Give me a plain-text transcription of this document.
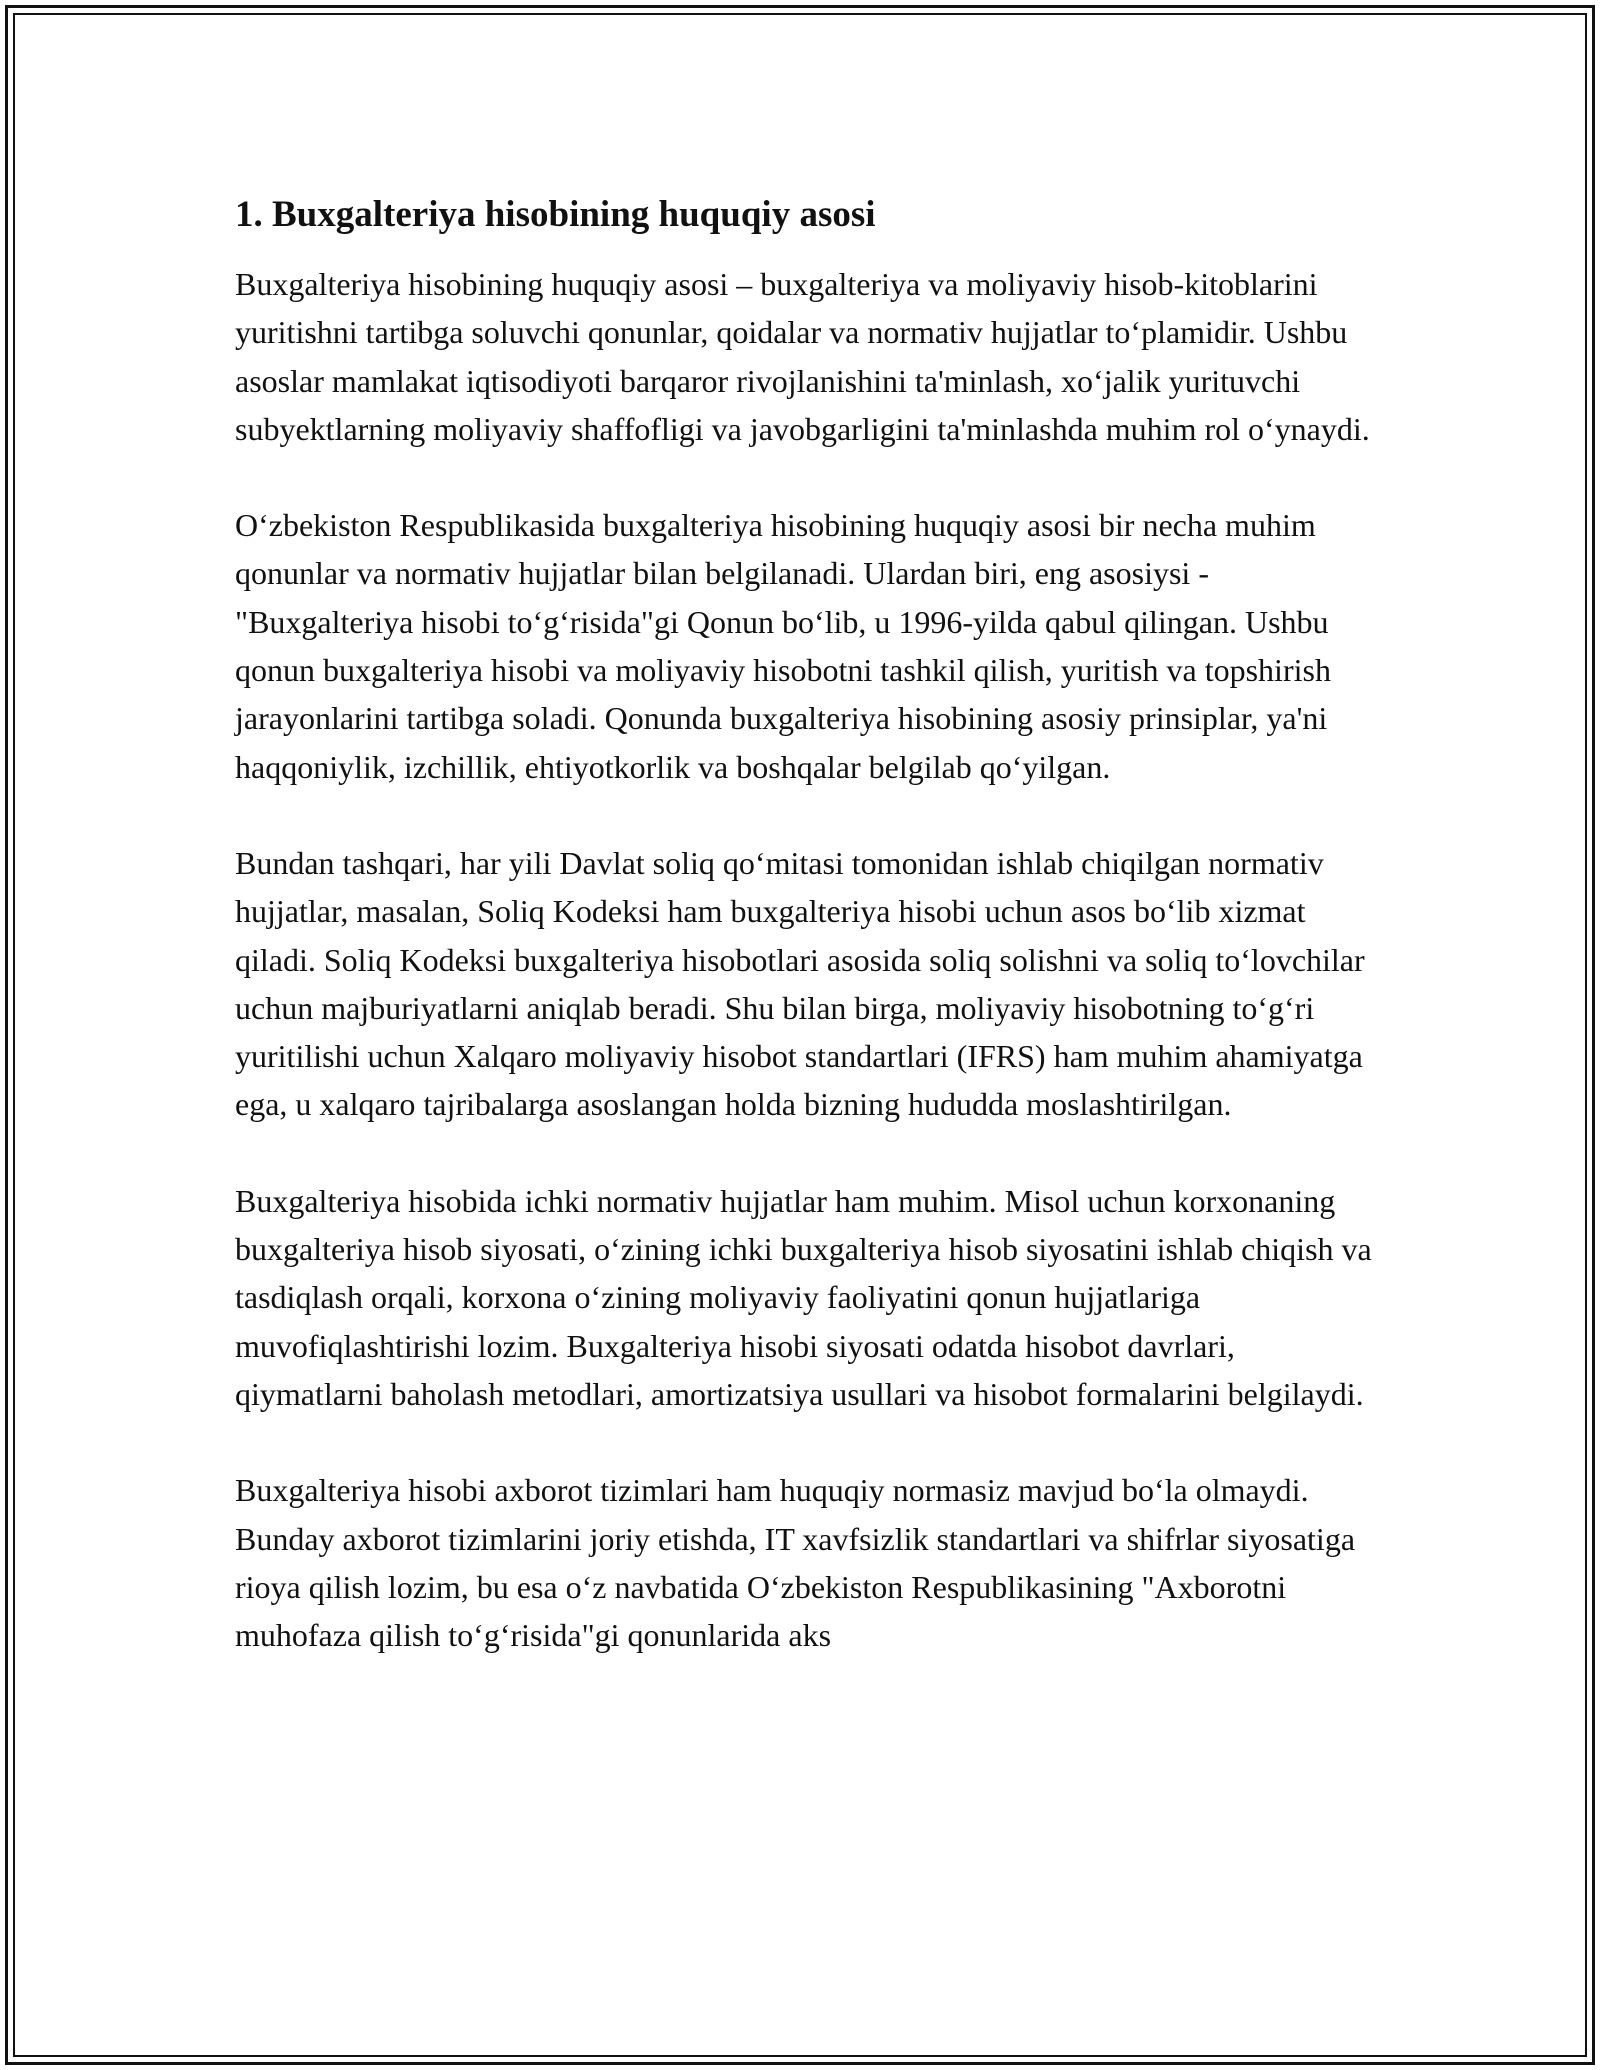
1. Buxgalteriya hisobining huquqiy asosi

Buxgalteriya hisobining huquqiy asosi – buxgalteriya va moliyaviy hisob-kitoblarini yuritishni tartibga soluvchi qonunlar, qoidalar va normativ hujjatlar to‘plamidir. Ushbu asoslar mamlakat iqtisodiyoti barqaror rivojlanishini ta'minlash, xo‘jalik yurituvchi subyektlarning moliyaviy shaffofligi va javobgarligini ta'minlashda muhim rol o‘ynaydi.

O‘zbekiston Respublikasida buxgalteriya hisobining huquqiy asosi bir necha muhim qonunlar va normativ hujjatlar bilan belgilanadi. Ulardan biri, eng asosiysi - "Buxgalteriya hisobi to‘g‘risida"gi Qonun bo‘lib, u 1996-yilda qabul qilingan. Ushbu qonun buxgalteriya hisobi va moliyaviy hisobotni tashkil qilish, yuritish va topshirish jarayonlarini tartibga soladi. Qonunda buxgalteriya hisobining asosiy prinsiplar, ya'ni haqqoniylik, izchillik, ehtiyotkorlik va boshqalar belgilab qo‘yilgan.

Bundan tashqari, har yili Davlat soliq qo‘mitasi tomonidan ishlab chiqilgan normativ hujjatlar, masalan, Soliq Kodeksi ham buxgalteriya hisobi uchun asos bo‘lib xizmat qiladi. Soliq Kodeksi buxgalteriya hisobotlari asosida soliq solishni va soliq to‘lovchilar uchun majburiyatlarni aniqlab beradi. Shu bilan birga, moliyaviy hisobotning to‘g‘ri yuritilishi uchun Xalqaro moliyaviy hisobot standartlari (IFRS) ham muhim ahamiyatga ega, u xalqaro tajribalarga asoslangan holda bizning hududda moslashtirilgan.

Buxgalteriya hisobida ichki normativ hujjatlar ham muhim. Misol uchun korxonaning buxgalteriya hisob siyosati, o‘zining ichki buxgalteriya hisob siyosatini ishlab chiqish va tasdiqlash orqali, korxona o‘zining moliyaviy faoliyatini qonun hujjatlariga muvofiqlashtirishi lozim. Buxgalteriya hisobi siyosati odatda hisobot davrlari, qiymatlarni baholash metodlari, amortizatsiya usullari va hisobot formalarini belgilaydi.

Buxgalteriya hisobi axborot tizimlari ham huquqiy normasiz mavjud bo‘la olmaydi. Bunday axborot tizimlarini joriy etishda, IT xavfsizlik standartlari va shifrlar siyosatiga rioya qilish lozim, bu esa o‘z navbatida O‘zbekiston Respublikasining "Axborotni muhofaza qilish to‘g‘risida"gi qonunlarida aks
